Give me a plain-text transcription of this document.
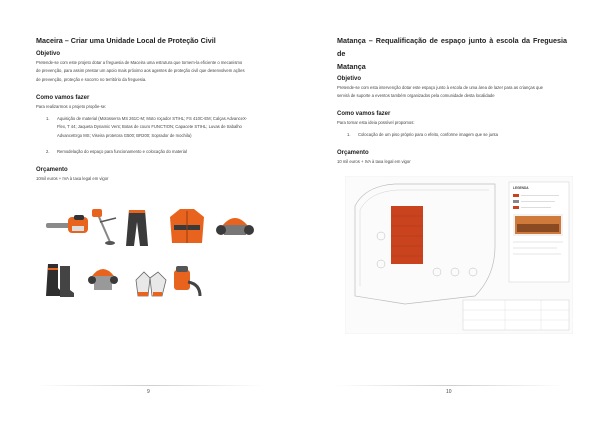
Maceira – Criar uma Unidade Local de Proteção Civil
Objetivo
Pretende-se com este projeto dotar a freguesia de Maceira uma estrutura que tornem-la eficiente o mecanismo
de prevenção, para assim prestar um apoio mais próximo aos agentes de proteção civil que desenvolvem ações
de prevenção, proteção e socorro no território da freguesia.
Como vamos fazer
Para realizarmos o projeto propõe-se:
1. Aquisição de material (Motosserra MS 261C-M; Moto roçador STIHL; FS 410C-EM; Calças AdvanceX-
Flex, T 44; Jaqueta Dynamic Vent; Botas de couro FUNCTION; Capacete STIHL; Luvas de trabalho
AdvanceErgo MS; Viseira protetora G500; BR200; Soprador de mochila)
2. Remodelação do espaço para funcionamento e colocação do material
Orçamento
10mil euros + IVA à taxa legal em vigor
9
Matança – Requalificação de espaço junto à escola da Freguesia de
Matança
Objetivo
Pretende-se com esta intervenção dotar este espaço junto à escola de uma área de lazer para as crianças que
servirá de suporte a eventos também organizados pela comunidade desta localidade
Como vamos fazer
Para tornar esta ideia possível propomos:
1. Colocação de um piso próprio para o efeito, conforme imagem que se junta
Orçamento
10 mil euros + IVA à taxa legal em vigor
LEGENDA
10
